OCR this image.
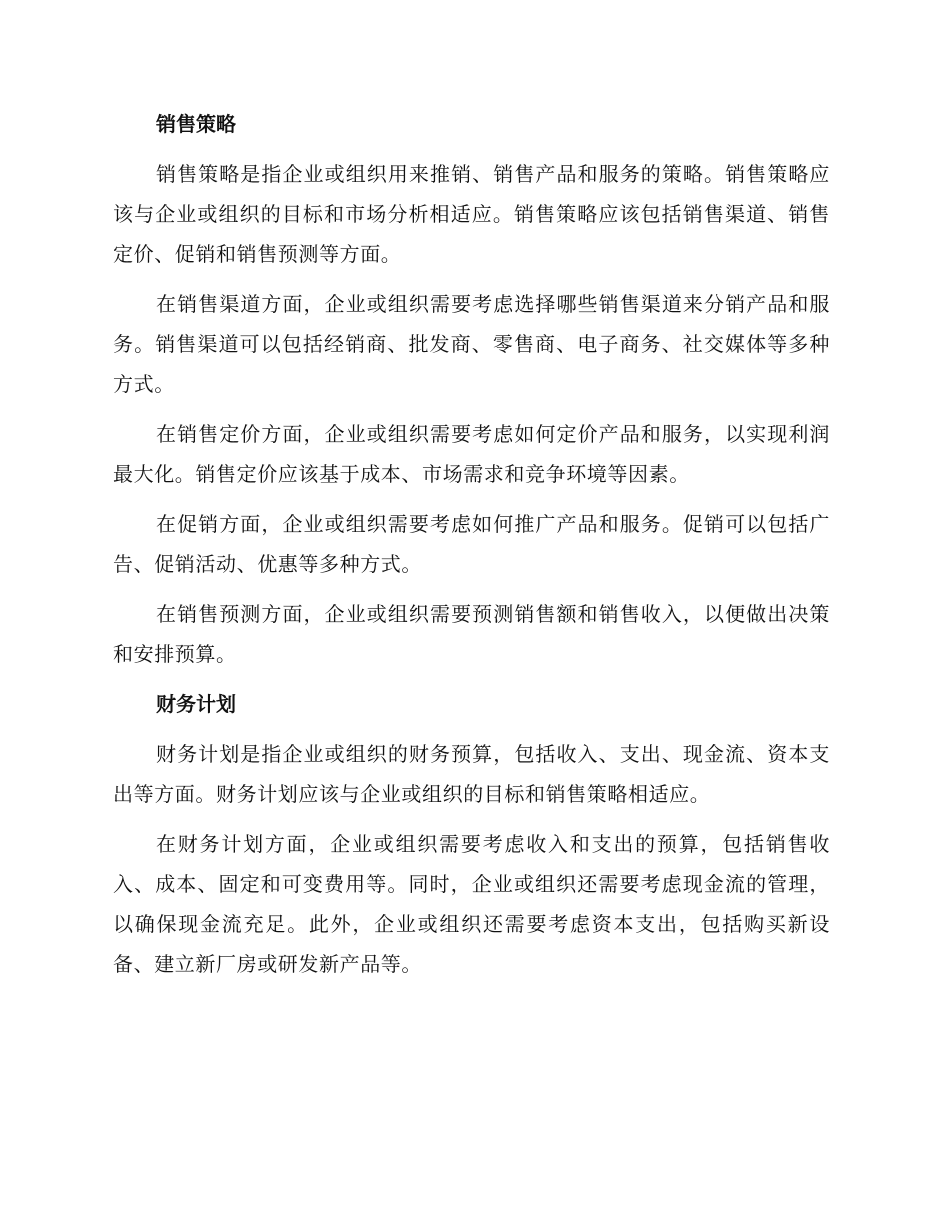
销售策略

销售策略是指企业或组织用来推销、销售产品和服务的策略。销售策略应该与企业或组织的目标和市场分析相适应。销售策略应该包括销售渠道、销售定价、促销和销售预测等方面。

在销售渠道方面，企业或组织需要考虑选择哪些销售渠道来分销产品和服务。销售渠道可以包括经销商、批发商、零售商、电子商务、社交媒体等多种方式。

在销售定价方面，企业或组织需要考虑如何定价产品和服务，以实现利润最大化。销售定价应该基于成本、市场需求和竞争环境等因素。

在促销方面，企业或组织需要考虑如何推广产品和服务。促销可以包括广告、促销活动、优惠等多种方式。

在销售预测方面，企业或组织需要预测销售额和销售收入，以便做出决策和安排预算。

财务计划

财务计划是指企业或组织的财务预算，包括收入、支出、现金流、资本支出等方面。财务计划应该与企业或组织的目标和销售策略相适应。

在财务计划方面，企业或组织需要考虑收入和支出的预算，包括销售收入、成本、固定和可变费用等。同时，企业或组织还需要考虑现金流的管理，以确保现金流充足。此外，企业或组织还需要考虑资本支出，包括购买新设备、建立新厂房或研发新产品等。
